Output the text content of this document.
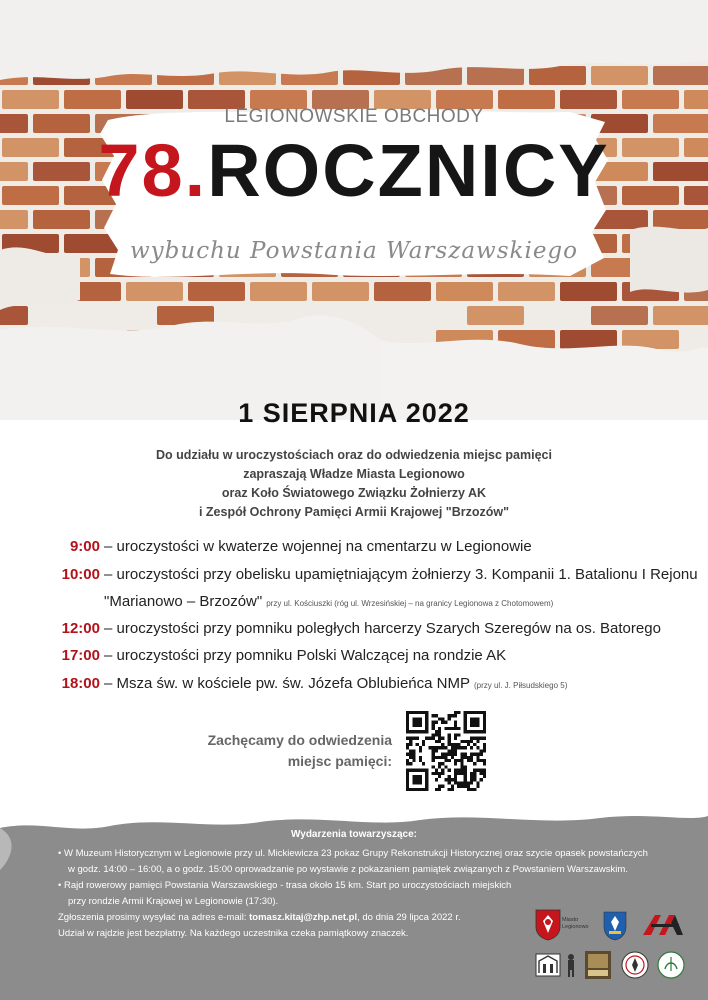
LEGIONOWSKIE OBCHODY
78.ROCZNICY
wybuchu Powstania Warszawskiego
1 SIERPNIA 2022
Do udziału w uroczystościach oraz do odwiedzenia miejsc pamięci
zapraszają Władze Miasta Legionowo
oraz Koło Światowego Związku Żołnierzy AK
i Zespół Ochrony Pamięci Armii Krajowej "Brzozów"
9:00 – uroczystości w kwaterze wojennej na cmentarzu w Legionowie
10:00 – uroczystości przy obelisku upamiętniającym żołnierzy 3. Kompanii 1. Batalionu I Rejonu
"Marianowo – Brzozów" przy ul. Kościuszki (róg ul. Wrzesińskiej – na granicy Legionowa z Chotomowem)
12:00 – uroczystości przy pomniku poległych harcerzy Szarych Szeregów na os. Batorego
17:00 – uroczystości przy pomniku Polski Walczącej na rondzie AK
18:00 – Msza św. w kościele pw. św. Józefa Oblubieńca NMP (przy ul. J. Piłsudskiego 5)
Zachęcamy do odwiedzenia
miejsc pamięci:
Wydarzenia towarzyszące:
• W Muzeum Historycznym w Legionowie przy ul. Mickiewicza 23 pokaz Grupy Rekonstrukcji Historycznej oraz szycie opasek powstańczych
w godz. 14:00 – 16:00, a o godz. 15:00 oprowadzanie po wystawie z pokazaniem pamiątek związanych z Powstaniem Warszawskim.
• Rajd rowerowy pamięci Powstania Warszawskiego - trasa około 15 km. Start po uroczystościach miejskich
przy rondzie Armii Krajowej w Legionowie (17:30).
Zgłoszenia prosimy wysyłać na adres e-mail: tomasz.kitaj@zhp.net.pl, do dnia 29 lipca 2022 r.
Udział w rajdzie jest bezpłatny. Na każdego uczestnika czeka pamiątkowy znaczek.
Miasto
Legionowo
